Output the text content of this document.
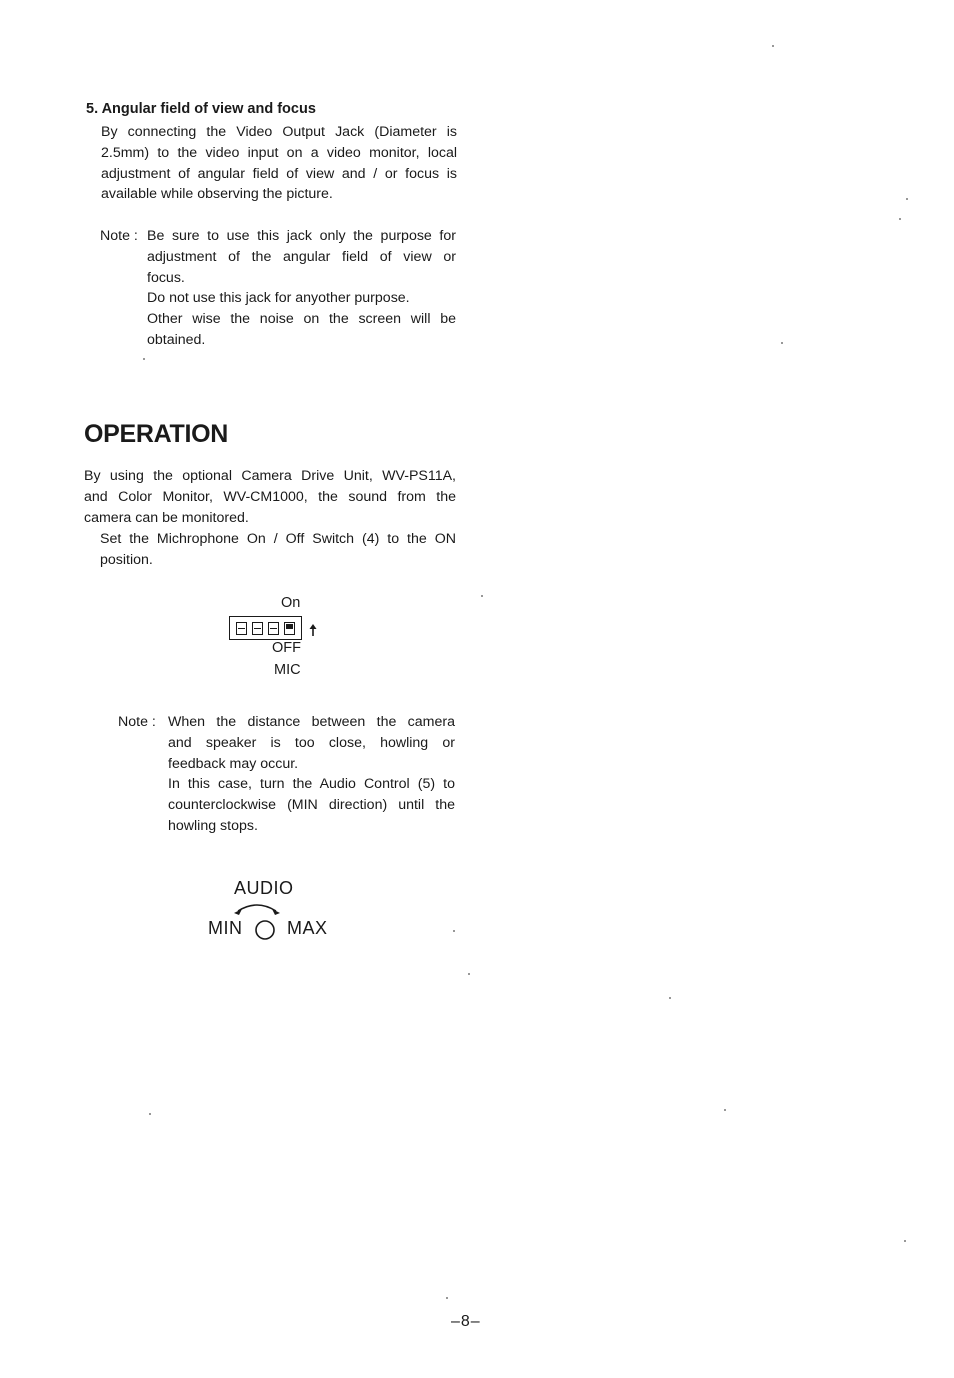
5. Angular field of view and focus
By connecting the Video Output Jack (Diameter is
2.5mm) to the video input on a video monitor, local
adjustment of angular field of view and / or focus is
available while observing the picture.
Note : Be sure to use this jack only the purpose for
adjustment of the angular field of view or
focus.
Do not use this jack for anyother purpose.
Other wise the noise on the screen will be
obtained.
OPERATION
By using the optional Camera Drive Unit, WV-PS11A,
and Color Monitor, WV-CM1000, the sound from the
camera can be monitored.
Set the Michrophone On / Off Switch (4) to the ON
position.
On
OFF
MIC
Note : When the distance between the camera
and speaker is too close, howling or
feedback may occur.
In this case, turn the Audio Control (5) to
counterclockwise (MIN direction) until the
howling stops.
AUDIO
MIN MAX
–8–
